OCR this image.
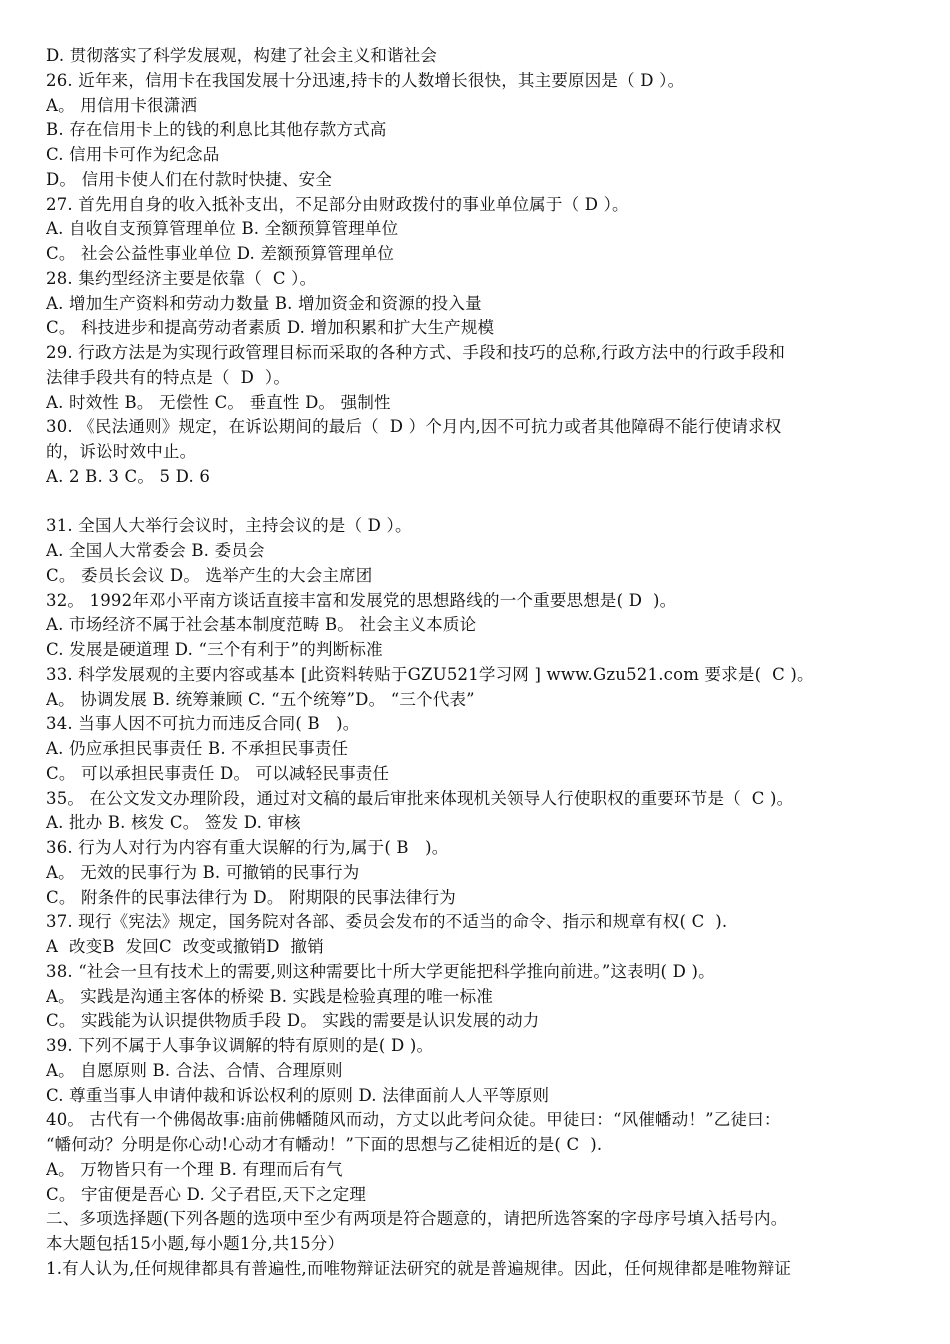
D. 贯彻落实了科学发展观，构建了社会主义和谐社会
26. 近年来，信用卡在我国发展十分迅速,持卡的人数增长很快，其主要原因是（ D ）。
A。 用信用卡很潇洒
B. 存在信用卡上的钱的利息比其他存款方式高
C. 信用卡可作为纪念品
D。 信用卡使人们在付款时快捷、安全
27. 首先用自身的收入抵补支出，不足部分由财政拨付的事业单位属于（ D ）。
A. 自收自支预算管理单位 B. 全额预算管理单位
C。 社会公益性事业单位 D. 差额预算管理单位
28. 集约型经济主要是依靠（  C ）。
A. 增加生产资料和劳动力数量 B. 增加资金和资源的投入量
C。 科技进步和提高劳动者素质 D. 增加积累和扩大生产规模
29. 行政方法是为实现行政管理目标而采取的各种方式、手段和技巧的总称,行政方法中的行政手段和
法律手段共有的特点是（  D  ）。
A. 时效性 B。 无偿性 C。 垂直性 D。 强制性
30. 《民法通则》规定，在诉讼期间的最后（  D ）个月内,因不可抗力或者其他障碍不能行使请求权
的，诉讼时效中止。
A. 2 B. 3 C。 5 D. 6
31. 全国人大举行会议时，主持会议的是（ D ）。
A. 全国人大常委会 B. 委员会
C。 委员长会议 D。 选举产生的大会主席团
32。 1992年邓小平南方谈话直接丰富和发展党的思想路线的一个重要思想是( D  )。
A. 市场经济不属于社会基本制度范畴 B。 社会主义本质论
C. 发展是硬道理 D. “三个有利于”的判断标准
33. 科学发展观的主要内容或基本 [此资料转贴于GZU521学习网 ] www.Gzu521.com 要求是(  C )。
A。 协调发展 B. 统筹兼顾 C. “五个统筹”D。 “三个代表”
34. 当事人因不可抗力而违反合同( B   )。
A. 仍应承担民事责任 B. 不承担民事责任
C。 可以承担民事责任 D。 可以减轻民事责任
35。 在公文发文办理阶段，通过对文稿的最后审批来体现机关领导人行使职权的重要环节是（  C )。
A. 批办 B. 核发 C。 签发 D. 审核
36. 行为人对行为内容有重大误解的行为,属于( B   )。
A。 无效的民事行为 B. 可撤销的民事行为
C。 附条件的民事法律行为 D。 附期限的民事法律行为
37. 现行《宪法》规定，国务院对各部、委员会发布的不适当的命令、指示和规章有权( C  ).
A  改变B  发回C  改变或撤销D  撤销
38. “社会一旦有技术上的需要,则这种需要比十所大学更能把科学推向前进。”这表明( D )。
A。 实践是沟通主客体的桥梁 B. 实践是检验真理的唯一标准
C。 实践能为认识提供物质手段 D。 实践的需要是认识发展的动力
39. 下列不属于人事争议调解的特有原则的是( D )。
A。 自愿原则 B. 合法、合情、合理原则
C. 尊重当事人申请仲裁和诉讼权利的原则 D. 法律面前人人平等原则
40。 古代有一个佛偈故事:庙前佛幡随风而动，方丈以此考问众徒。甲徒曰：“风催幡动！”乙徒曰：
“幡何动？分明是你心动!心动才有幡动！”下面的思想与乙徒相近的是( C  ).
A。 万物皆只有一个理 B. 有理而后有气
C。 宇宙便是吾心 D. 父子君臣,天下之定理
二、多项选择题(下列各题的选项中至少有两项是符合题意的，请把所选答案的字母序号填入括号内。
本大题包括15小题,每小题1分,共15分）
1.有人认为,任何规律都具有普遍性,而唯物辩证法研究的就是普遍规律。因此，任何规律都是唯物辩证
